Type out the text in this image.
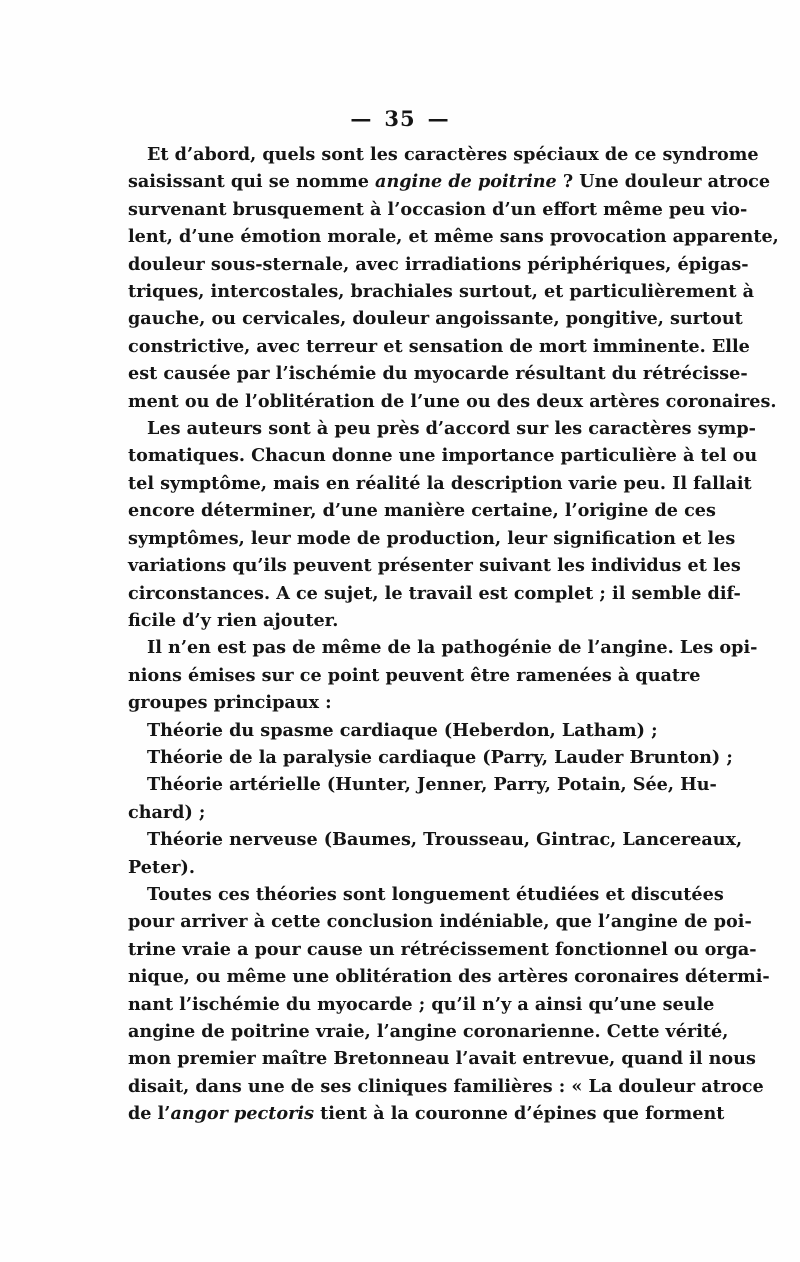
— 35 —
Et d’abord, quels sont les caractères spéciaux de ce syndrome
saisissant qui se nomme angine de poitrine ? Une douleur atroce
survenant brusquement à l’occasion d’un effort même peu vio-
lent, d’une émotion morale, et même sans provocation apparente,
douleur sous-sternale, avec irradiations périphériques, épigas-
triques, intercostales, brachiales surtout, et particulièrement à
gauche, ou cervicales, douleur angoissante, pongitive, surtout
constrictive, avec terreur et sensation de mort imminente. Elle
est causée par l’ischémie du myocarde résultant du rétrécisse-
ment ou de l’oblitération de l’une ou des deux artères coronaires.
Les auteurs sont à peu près d’accord sur les caractères symp-
tomatiques. Chacun donne une importance particulière à tel ou
tel symptôme, mais en réalité la description varie peu. Il fallait
encore déterminer, d’une manière certaine, l’origine de ces
symptômes, leur mode de production, leur signification et les
variations qu’ils peuvent présenter suivant les individus et les
circonstances. A ce sujet, le travail est complet ; il semble dif-
ficile d’y rien ajouter.
Il n’en est pas de même de la pathogénie de l’angine. Les opi-
nions émises sur ce point peuvent être ramenées à quatre
groupes principaux :
Théorie du spasme cardiaque (Heberdon, Latham) ;
Théorie de la paralysie cardiaque (Parry, Lauder Brunton) ;
Théorie artérielle (Hunter, Jenner, Parry, Potain, Sée, Hu-
chard) ;
Théorie nerveuse (Baumes, Trousseau, Gintrac, Lancereaux,
Peter).
Toutes ces théories sont longuement étudiées et discutées
pour arriver à cette conclusion indéniable, que l’angine de poi-
trine vraie a pour cause un rétrécissement fonctionnel ou orga-
nique, ou même une oblitération des artères coronaires détermi-
nant l’ischémie du myocarde ; qu’il n’y a ainsi qu’une seule
angine de poitrine vraie, l’angine coronarienne. Cette vérité,
mon premier maître Bretonneau l’avait entrevue, quand il nous
disait, dans une de ses cliniques familières : « La douleur atroce
de l’angor pectoris tient à la couronne d’épines que forment
